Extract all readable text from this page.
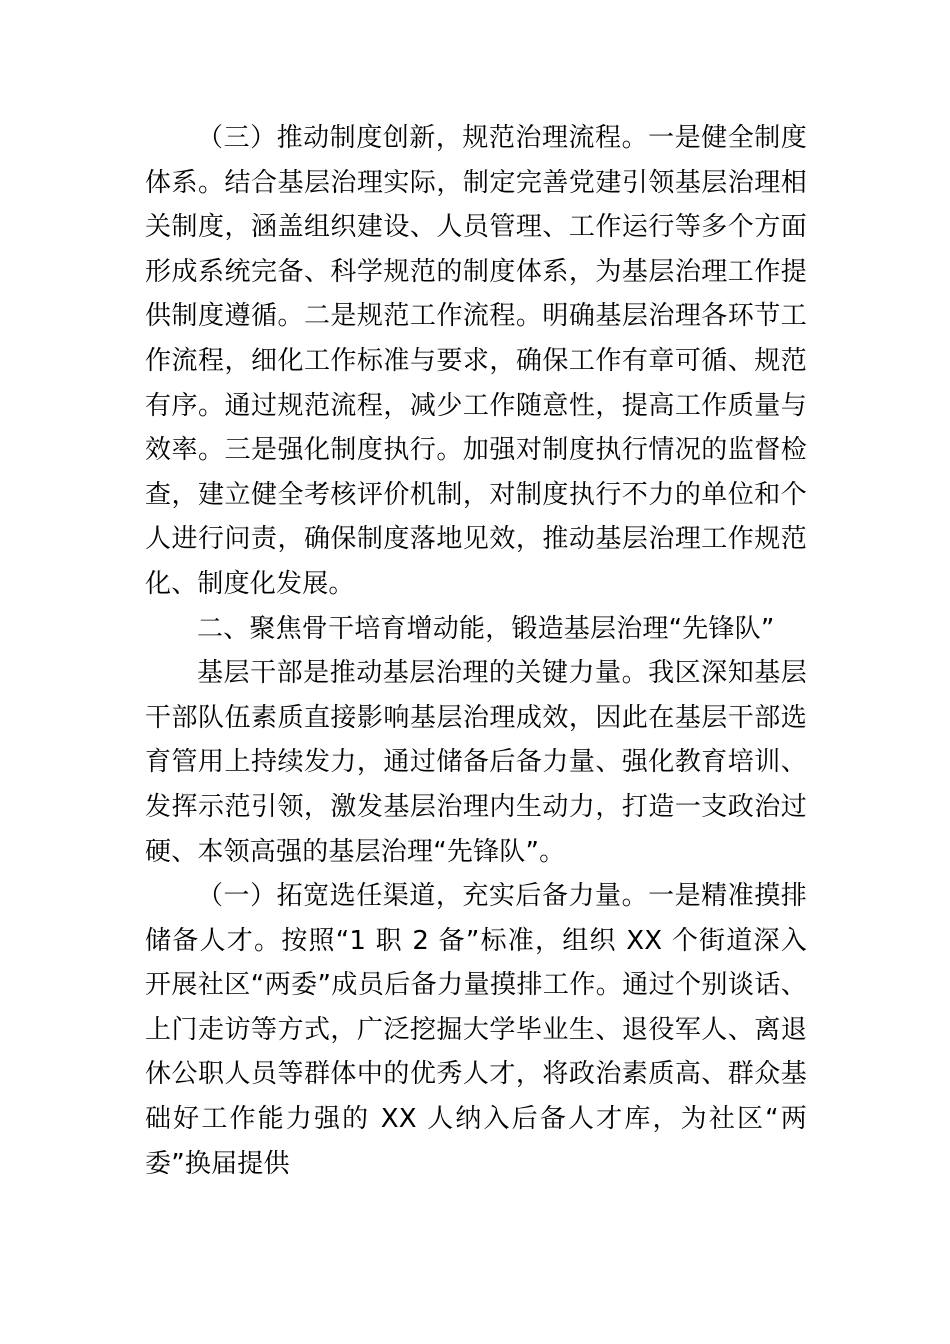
（三）推动制度创新，规范治理流程。一是健全制度体系。结合基层治理实际，制定完善党建引领基层治理相关制度，涵盖组织建设、人员管理、工作运行等多个方面形成系统完备、科学规范的制度体系，为基层治理工作提供制度遵循。二是规范工作流程。明确基层治理各环节工作流程，细化工作标准与要求，确保工作有章可循、规范有序。通过规范流程，减少工作随意性，提高工作质量与效率。三是强化制度执行。加强对制度执行情况的监督检查，建立健全考核评价机制，对制度执行不力的单位和个人进行问责，确保制度落地见效，推动基层治理工作规范化、制度化发展。

二、聚焦骨干培育增动能，锻造基层治理“先锋队”

基层干部是推动基层治理的关键力量。我区深知基层干部队伍素质直接影响基层治理成效，因此在基层干部选育管用上持续发力，通过储备后备力量、强化教育培训、发挥示范引领，激发基层治理内生动力，打造一支政治过硬、本领高强的基层治理“先锋队”。

（一）拓宽选任渠道，充实后备力量。一是精准摸排储备人才。按照“1 职 2 备”标准，组织 XX 个街道深入开展社区“两委”成员后备力量摸排工作。通过个别谈话、上门走访等方式，广泛挖掘大学毕业生、退役军人、离退休公职人员等群体中的优秀人才，将政治素质高、群众基础好工作能力强的 XX 人纳入后备人才库，为社区“两委”换届提供
